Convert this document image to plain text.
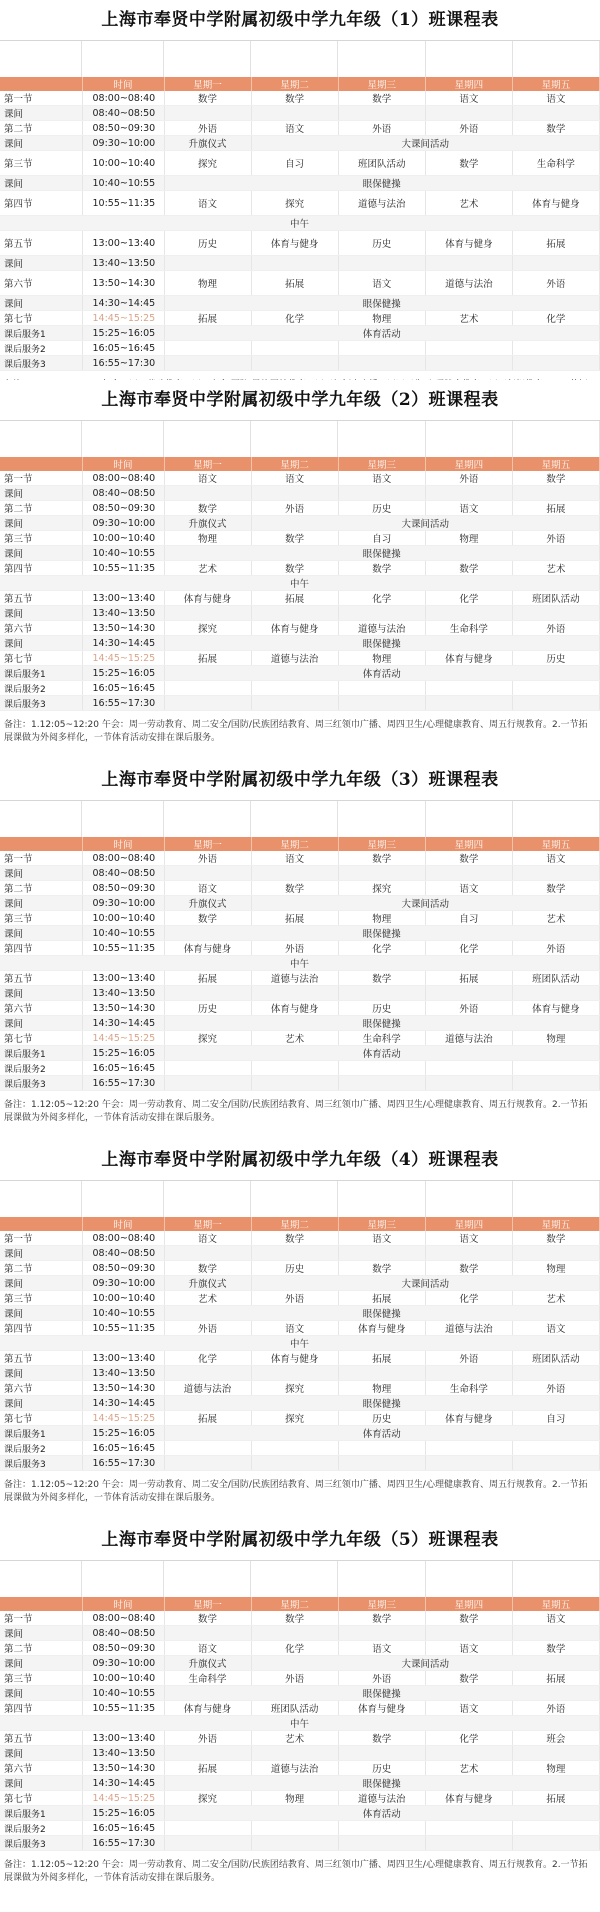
上海市奉贤中学附属初级中学九年级（1）班课程表
	时间	星期一	星期二	星期三	星期四	星期五
第一节	08:00~08:40	数学	数学	数学	语文	语文
课间	08:40~08:50					
第二节	08:50~09:30	外语	语文	外语	外语	数学
课间	09:30~10:00	升旗仪式	大课间活动			
第三节	10:00~10:40	探究	自习	班团队活动	数学	生命科学
课间	10:40~10:55	眼保健操				
第四节	10:55~11:35	语文	探究	道德与法治	艺术	体育与健身
中午						
第五节	13:00~13:40	历史	体育与健身	历史	体育与健身	拓展
课间	13:40~13:50					
第六节	13:50~14:30	物理	拓展	语文	道德与法治	外语
课间	14:30~14:45	眼保健操				
第七节	14:45~15:25	拓展	化学	物理	艺术	化学
课后服务1	15:25~16:05	体育活动				
课后服务2	16:05~16:45					
课后服务3	16:55~17:30					
上海市奉贤中学附属初级中学九年级（2）班课程表
	时间	星期一	星期二	星期三	星期四	星期五
第一节	08:00~08:40	语文	语文	语文	外语	数学
课间	08:40~08:50					
第二节	08:50~09:30	数学	外语	历史	语文	拓展
课间	09:30~10:00	升旗仪式	大课间活动			
第三节	10:00~10:40	物理	数学	自习	物理	外语
课间	10:40~10:55	眼保健操				
第四节	10:55~11:35	艺术	数学	数学	数学	艺术
中午						
第五节	13:00~13:40	体育与健身	拓展	化学	化学	班团队活动
课间	13:40~13:50					
第六节	13:50~14:30	探究	体育与健身	道德与法治	生命科学	外语
课间	14:30~14:45	眼保健操				
第七节	14:45~15:25	拓展	道德与法治	物理	体育与健身	历史
课后服务1	15:25~16:05	体育活动				
课后服务2	16:05~16:45					
课后服务3	16:55~17:30					
备注：1.12:05~12:20 午会：周一劳动教育、周二安全/国防/民族团结教育、周三红领巾广播、周四卫生/心理健康教育、周五行规教育。2.一节拓展课做为外阅多样化，一节体育活动安排在课后服务。
上海市奉贤中学附属初级中学九年级（3）班课程表
	时间	星期一	星期二	星期三	星期四	星期五
第一节	08:00~08:40	外语	语文	数学	数学	语文
课间	08:40~08:50					
第二节	08:50~09:30	语文	数学	探究	语文	数学
课间	09:30~10:00	升旗仪式	大课间活动			
第三节	10:00~10:40	数学	拓展	物理	自习	艺术
课间	10:40~10:55	眼保健操				
第四节	10:55~11:35	体育与健身	外语	化学	化学	外语
中午						
第五节	13:00~13:40	拓展	道德与法治	数学	拓展	班团队活动
课间	13:40~13:50					
第六节	13:50~14:30	历史	体育与健身	历史	外语	体育与健身
课间	14:30~14:45	眼保健操				
第七节	14:45~15:25	探究	艺术	生命科学	道德与法治	物理
课后服务1	15:25~16:05	体育活动				
课后服务2	16:05~16:45					
课后服务3	16:55~17:30					
备注：1.12:05~12:20 午会：周一劳动教育、周二安全/国防/民族团结教育、周三红领巾广播、周四卫生/心理健康教育、周五行规教育。2.一节拓展课做为外阅多样化，一节体育活动安排在课后服务。
上海市奉贤中学附属初级中学九年级（4）班课程表
	时间	星期一	星期二	星期三	星期四	星期五
第一节	08:00~08:40	语文	数学	语文	语文	数学
课间	08:40~08:50					
第二节	08:50~09:30	数学	历史	数学	数学	物理
课间	09:30~10:00	升旗仪式	大课间活动			
第三节	10:00~10:40	艺术	外语	拓展	化学	艺术
课间	10:40~10:55	眼保健操				
第四节	10:55~11:35	外语	语文	体育与健身	道德与法治	语文
中午						
第五节	13:00~13:40	化学	体育与健身	拓展	外语	班团队活动
课间	13:40~13:50					
第六节	13:50~14:30	道德与法治	探究	物理	生命科学	外语
课间	14:30~14:45	眼保健操				
第七节	14:45~15:25	拓展	探究	历史	体育与健身	自习
课后服务1	15:25~16:05	体育活动				
课后服务2	16:05~16:45					
课后服务3	16:55~17:30					
备注：1.12:05~12:20 午会：周一劳动教育、周二安全/国防/民族团结教育、周三红领巾广播、周四卫生/心理健康教育、周五行规教育。2.一节拓展课做为外阅多样化，一节体育活动安排在课后服务。
上海市奉贤中学附属初级中学九年级（5）班课程表
	时间	星期一	星期二	星期三	星期四	星期五
第一节	08:00~08:40	数学	数学	数学	数学	语文
课间	08:40~08:50					
第二节	08:50~09:30	语文	化学	语文	语文	数学
课间	09:30~10:00	升旗仪式	大课间活动			
第三节	10:00~10:40	生命科学	外语	外语	数学	拓展
课间	10:40~10:55	眼保健操				
第四节	10:55~11:35	体育与健身	班团队活动	体育与健身	语文	外语
中午						
第五节	13:00~13:40	外语	艺术	数学	化学	班会
课间	13:40~13:50					
第六节	13:50~14:30	拓展	道德与法治	历史	艺术	物理
课间	14:30~14:45	眼保健操				
第七节	14:45~15:25	探究	物理	道德与法治	体育与健身	拓展
课后服务1	15:25~16:05	体育活动				
课后服务2	16:05~16:45					
课后服务3	16:55~17:30					
备注：1.12:05~12:20 午会：周一劳动教育、周二安全/国防/民族团结教育、周三红领巾广播、周四卫生/心理健康教育、周五行规教育。2.一节拓展课做为外阅多样化，一节体育活动安排在课后服务。
